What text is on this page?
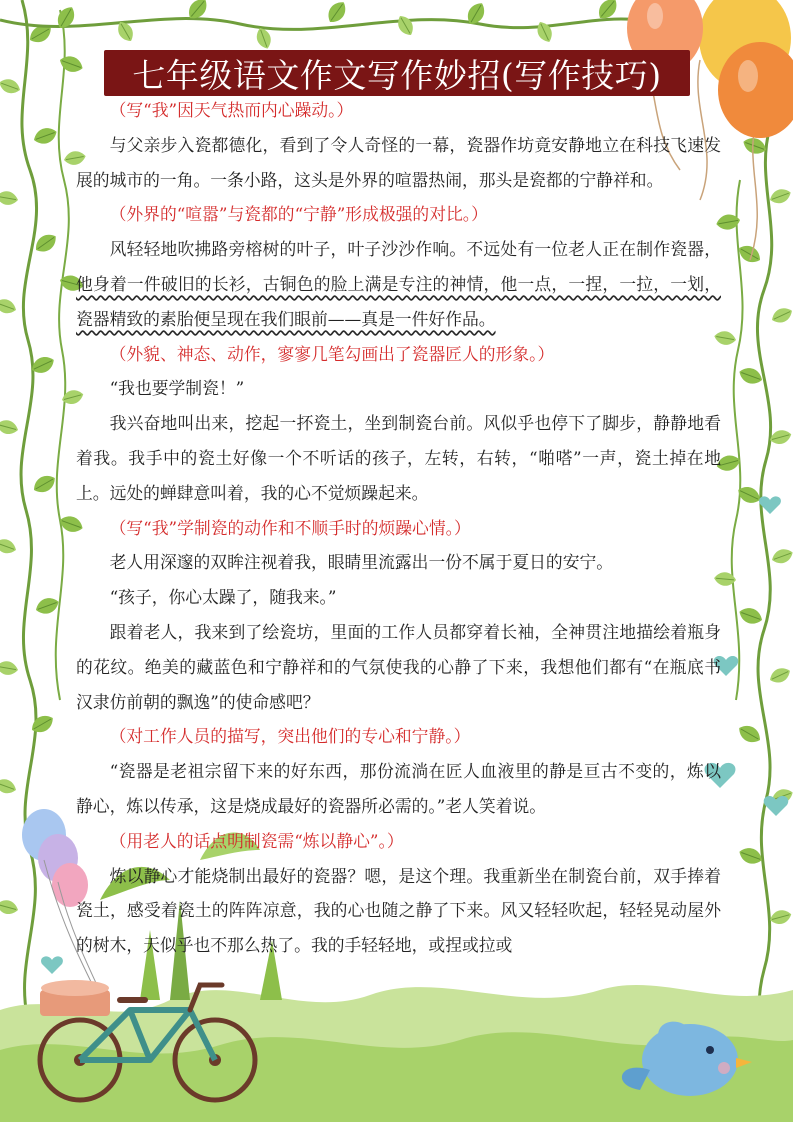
七年级语文作文写作妙招(写作技巧)

（写“我”因天气热而内心躁动。）

与父亲步入瓷都德化，看到了令人奇怪的一幕，瓷器作坊竟安静地立在科技飞速发展的城市的一角。一条小路，这头是外界的喧嚣热闹，那头是瓷都的宁静祥和。

（外界的“喧嚣”与瓷都的“宁静”形成极强的对比。）

风轻轻地吹拂路旁榕树的叶子，叶子沙沙作响。不远处有一位老人正在制作瓷器，他身着一件破旧的长衫，古铜色的脸上满是专注的神情，他一点，一捏，一拉，一划，瓷器精致的素胎便呈现在我们眼前——真是一件好作品。

（外貌、神态、动作，寥寥几笔勾画出了瓷器匠人的形象。）

“我也要学制瓷！”

我兴奋地叫出来，挖起一抔瓷土，坐到制瓷台前。风似乎也停下了脚步，静静地看着我。我手中的瓷土好像一个不听话的孩子，左转，右转，“啪嗒”一声，瓷土掉在地上。远处的蝉肆意叫着，我的心不觉烦躁起来。

（写“我”学制瓷的动作和不顺手时的烦躁心情。）

老人用深邃的双眸注视着我，眼睛里流露出一份不属于夏日的安宁。

“孩子，你心太躁了，随我来。”

跟着老人，我来到了绘瓷坊，里面的工作人员都穿着长袖，全神贯注地描绘着瓶身的花纹。绝美的藏蓝色和宁静祥和的气氛使我的心静了下来，我想他们都有“在瓶底书汉隶仿前朝的飘逸”的使命感吧？

（对工作人员的描写，突出他们的专心和宁静。）

“瓷器是老祖宗留下来的好东西，那份流淌在匠人血液里的静是亘古不变的，炼以静心，炼以传承，这是烧成最好的瓷器所必需的。”老人笑着说。

（用老人的话点明制瓷需“炼以静心”。）

炼以静心才能烧制出最好的瓷器？嗯，是这个理。我重新坐在制瓷台前，双手捧着瓷土，感受着瓷土的阵阵凉意，我的心也随之静了下来。风又轻轻吹起，轻轻晃动屋外的树木，天似乎也不那么热了。我的手轻轻地，或捏或拉或
